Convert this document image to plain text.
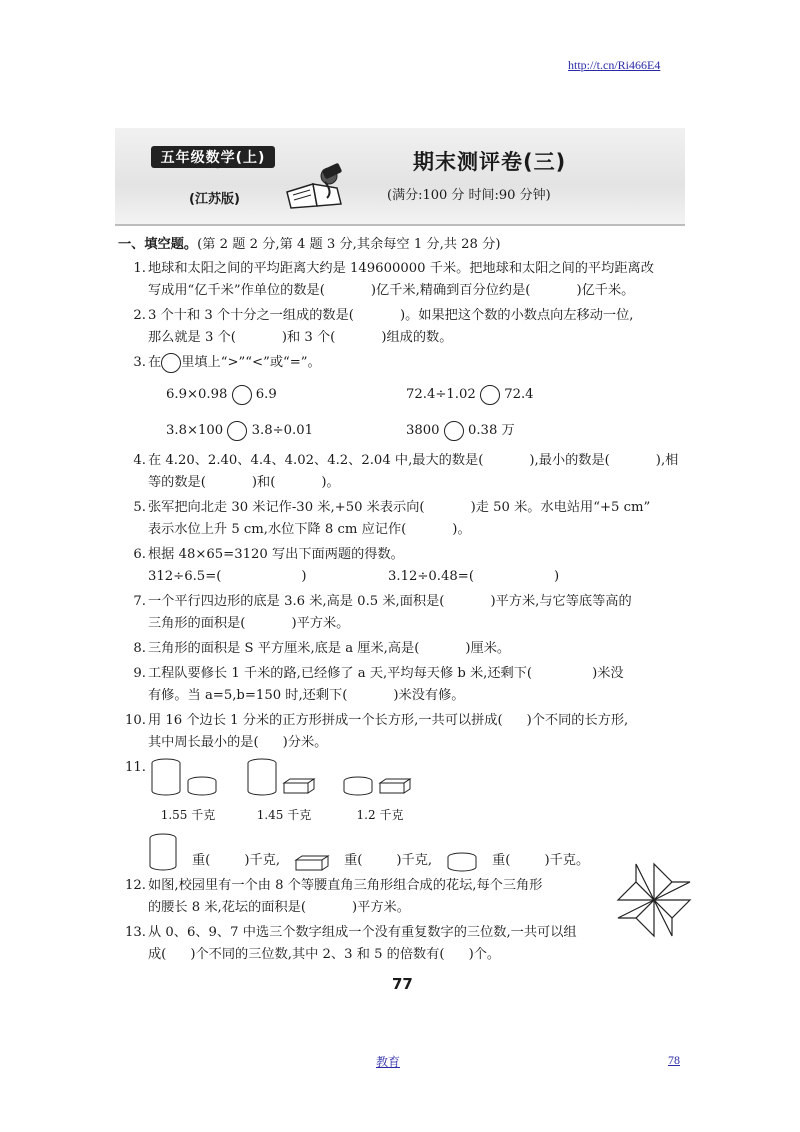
http://t.cn/Ri466E4
五年级数学(上)
(江苏版)
期末测评卷(三)
(满分:100 分 时间:90 分钟)
一、填空题。(第 2 题 2 分,第 4 题 3 分,其余每空 1 分,共 28 分)
1. 地球和太阳之间的平均距离大约是 149600000 千米。把地球和太阳之间的平均距离改
写成用“亿千米”作单位的数是(	)亿千米,精确到百分位约是(	)亿千米。
2. 3 个十和 3 个十分之一组成的数是(	)。如果把这个数的小数点向左移动一位,
那么就是 3 个(	)和 3 个(	)组成的数。
3. 在 里填上“>”“<”或“=”。
6.9×0.98 6.9	72.4÷1.02 72.4
3.8×100 3.8÷0.01	3800 0.38 万
4. 在 4.20、2.40、4.4、4.02、4.2、2.04 中,最大的数是(	),最小的数是(	),相
等的数是(	)和(	)。
5. 张军把向北走 30 米记作-30 米,+50 米表示向(	)走 50 米。水电站用“+5 cm”
表示水位上升 5 cm,水位下降 8 cm 应记作(	)。
6. 根据 48×65=3120 写出下面两题的得数。
312÷6.5=(	)	3.12÷0.48=(	)
7. 一个平行四边形的底是 3.6 米,高是 0.5 米,面积是(	)平方米,与它等底等高的
三角形的面积是(	)平方米。
8. 三角形的面积是 S 平方厘米,底是 a 厘米,高是(	)厘米。
9. 工程队要修长 1 千米的路,已经修了 a 天,平均每天修 b 米,还剩下(	)米没
有修。当 a=5,b=150 时,还剩下(	)米没有修。
10. 用 16 个边长 1 分米的正方形拼成一个长方形,一共可以拼成( )个不同的长方形,
其中周长最小的是( )分米。
11.
1.55 千克	1.45 千克	1.2 千克
重(	)千克,	重(	)千克,	重(	)千克。
12. 如图,校园里有一个由 8 个等腰直角三角形组合成的花坛,每个三角形
的腰长 8 米,花坛的面积是(	)平方米。
13. 从 0、6、9、7 中选三个数字组成一个没有重复数字的三位数,一共可以组
成( )个不同的三位数,其中 2、3 和 5 的倍数有( )个。
77
教育	78
